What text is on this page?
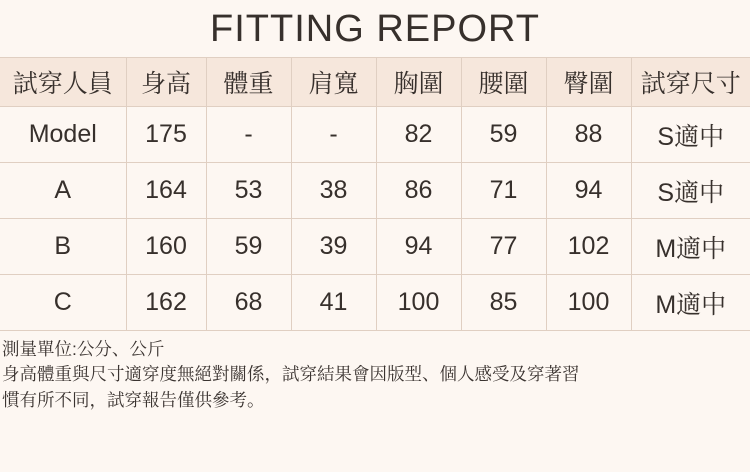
FITTING REPORT
試穿人員	身高	體重	肩寬	胸圍	腰圍	臀圍	試穿尺寸
Model	175	-	-	82	59	88	S適中
A	164	53	38	86	71	94	S適中
B	160	59	39	94	77	102	M適中
C	162	68	41	100	85	100	M適中
測量單位:公分、公斤
身高體重與尺寸適穿度無絕對關係，試穿結果會因版型、個人感受及穿著習
慣有所不同，試穿報告僅供參考。
